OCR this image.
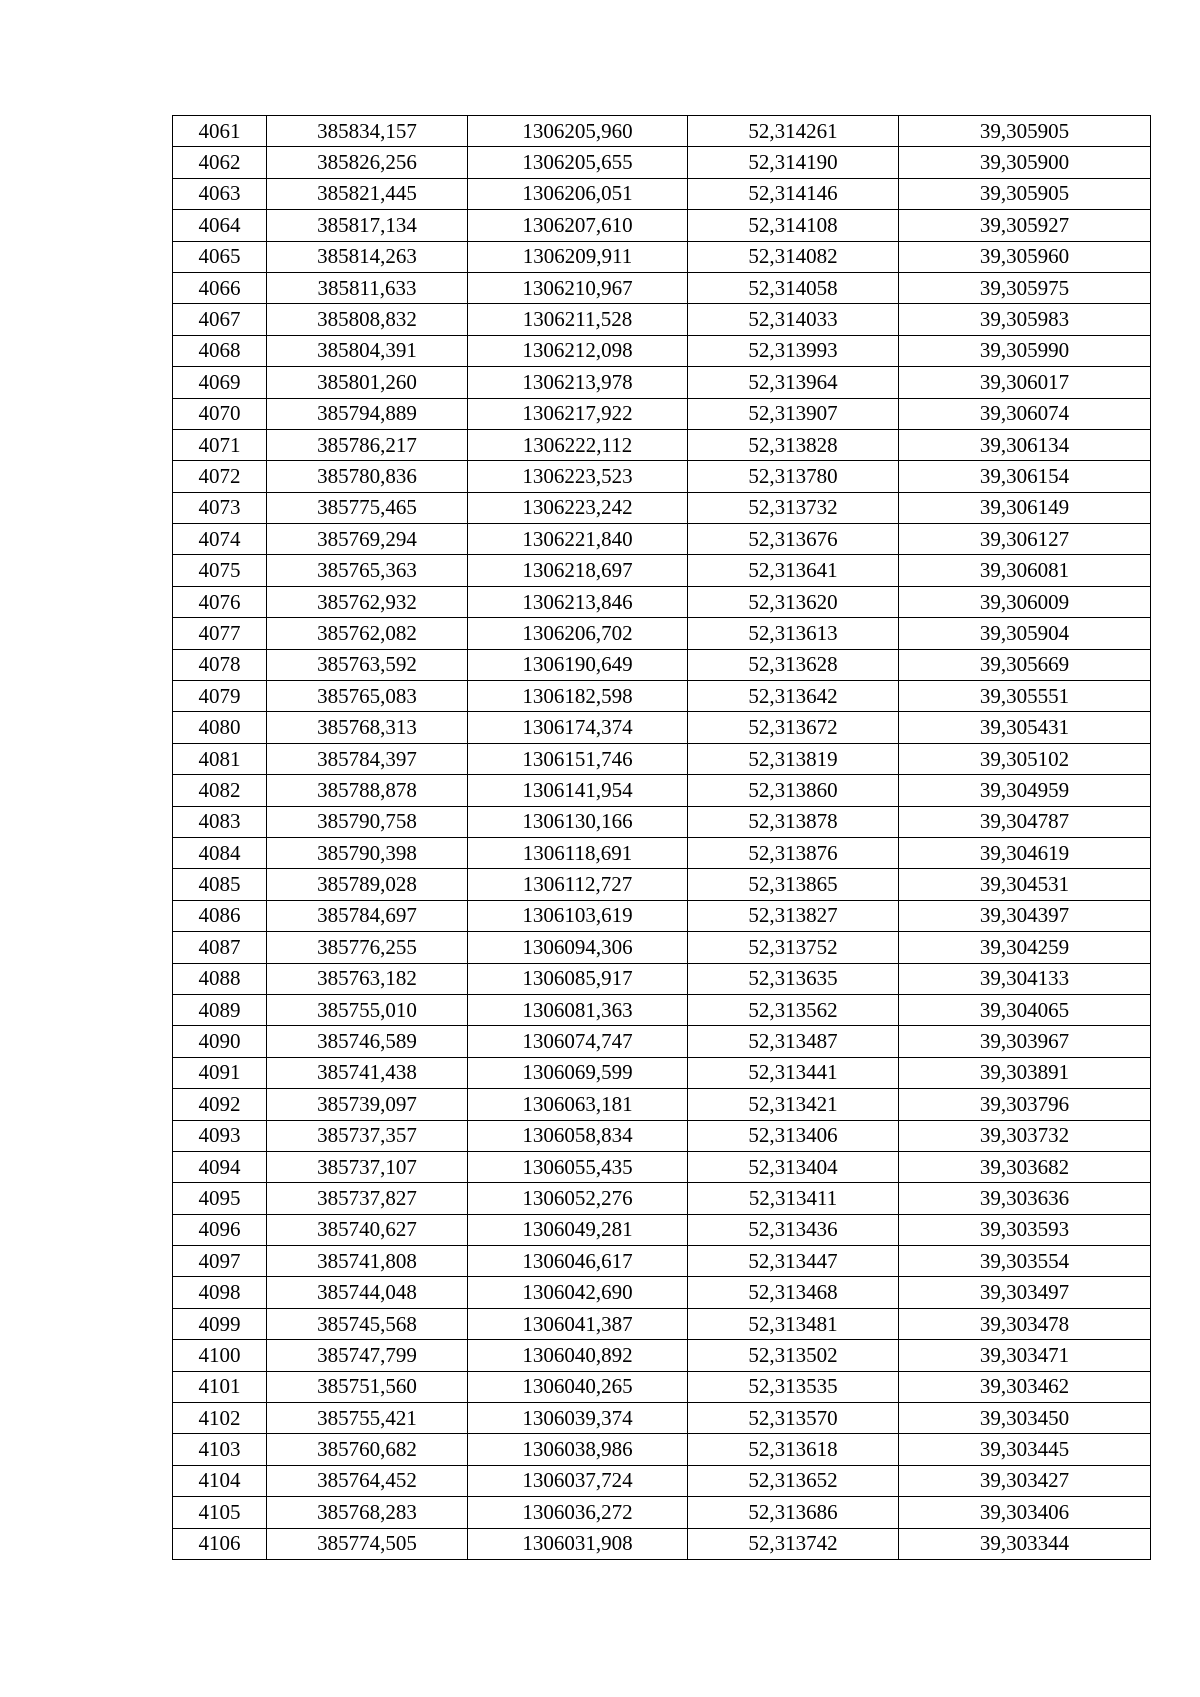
4061	385834,157	1306205,960	52,314261	39,305905
4062	385826,256	1306205,655	52,314190	39,305900
4063	385821,445	1306206,051	52,314146	39,305905
4064	385817,134	1306207,610	52,314108	39,305927
4065	385814,263	1306209,911	52,314082	39,305960
4066	385811,633	1306210,967	52,314058	39,305975
4067	385808,832	1306211,528	52,314033	39,305983
4068	385804,391	1306212,098	52,313993	39,305990
4069	385801,260	1306213,978	52,313964	39,306017
4070	385794,889	1306217,922	52,313907	39,306074
4071	385786,217	1306222,112	52,313828	39,306134
4072	385780,836	1306223,523	52,313780	39,306154
4073	385775,465	1306223,242	52,313732	39,306149
4074	385769,294	1306221,840	52,313676	39,306127
4075	385765,363	1306218,697	52,313641	39,306081
4076	385762,932	1306213,846	52,313620	39,306009
4077	385762,082	1306206,702	52,313613	39,305904
4078	385763,592	1306190,649	52,313628	39,305669
4079	385765,083	1306182,598	52,313642	39,305551
4080	385768,313	1306174,374	52,313672	39,305431
4081	385784,397	1306151,746	52,313819	39,305102
4082	385788,878	1306141,954	52,313860	39,304959
4083	385790,758	1306130,166	52,313878	39,304787
4084	385790,398	1306118,691	52,313876	39,304619
4085	385789,028	1306112,727	52,313865	39,304531
4086	385784,697	1306103,619	52,313827	39,304397
4087	385776,255	1306094,306	52,313752	39,304259
4088	385763,182	1306085,917	52,313635	39,304133
4089	385755,010	1306081,363	52,313562	39,304065
4090	385746,589	1306074,747	52,313487	39,303967
4091	385741,438	1306069,599	52,313441	39,303891
4092	385739,097	1306063,181	52,313421	39,303796
4093	385737,357	1306058,834	52,313406	39,303732
4094	385737,107	1306055,435	52,313404	39,303682
4095	385737,827	1306052,276	52,313411	39,303636
4096	385740,627	1306049,281	52,313436	39,303593
4097	385741,808	1306046,617	52,313447	39,303554
4098	385744,048	1306042,690	52,313468	39,303497
4099	385745,568	1306041,387	52,313481	39,303478
4100	385747,799	1306040,892	52,313502	39,303471
4101	385751,560	1306040,265	52,313535	39,303462
4102	385755,421	1306039,374	52,313570	39,303450
4103	385760,682	1306038,986	52,313618	39,303445
4104	385764,452	1306037,724	52,313652	39,303427
4105	385768,283	1306036,272	52,313686	39,303406
4106	385774,505	1306031,908	52,313742	39,303344
